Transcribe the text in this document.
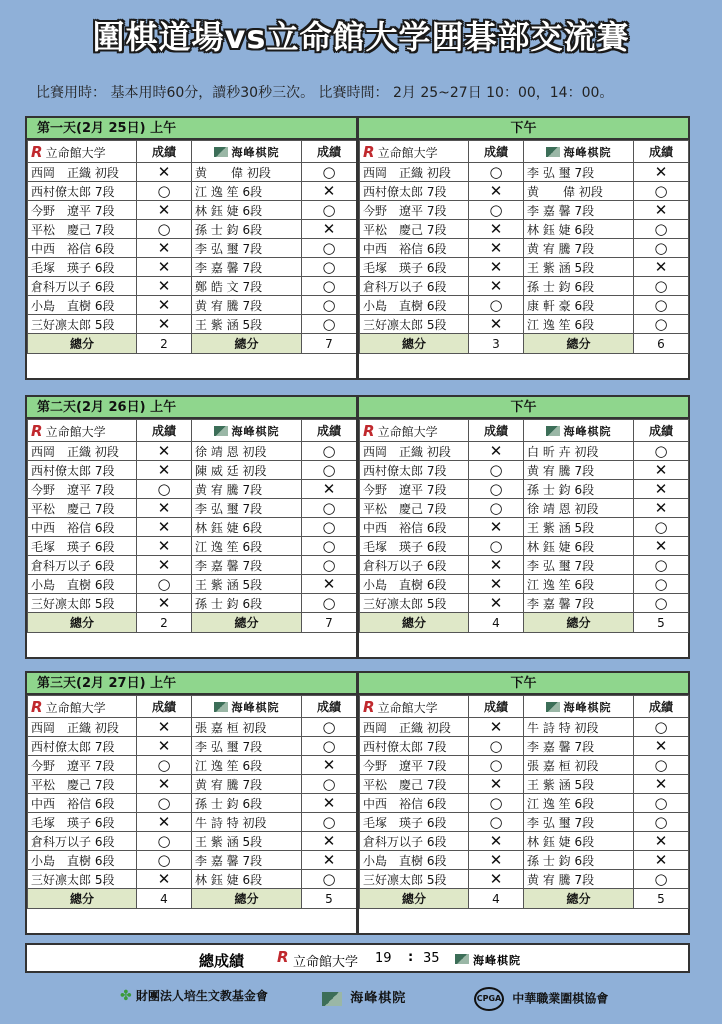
圍棋道場vs立命館大学囲碁部交流賽
比賽用時： 基本用時60分，讀秒30秒三次。 比賽時間： 2月 25~27日 10：00，14：00。
第一天(2月 25日) 上午
R 立命館大学	成績	海峰棋院	成績
西岡　正織 初段	✕	黄　　偉 初段	○
西村僚太郎 7段	○	江 逸 笙 6段	✕
今野　遼平 7段	✕	林 鈺 婕 6段	○
平松　慶己 7段	○	孫 士 鈞 6段	✕
中西　裕信 6段	✕	李 弘 璽 7段	○
毛塚　瑛子 6段	✕	李 嘉 馨 7段	○
倉科万以子 6段	✕	鄭 皓 文 7段	○
小島　直樹 6段	✕	黄 宥 騰 7段	○
三好凛太郎 5段	✕	王 紫 涵 5段	○
總分	2	總分	7
下午
R 立命館大学	成績	海峰棋院	成績
西岡　正織 初段	○	李 弘 璽 7段	✕
西村僚太郎 7段	✕	黄　　偉 初段	○
今野　遼平 7段	○	李 嘉 馨 7段	✕
平松　慶己 7段	✕	林 鈺 婕 6段	○
中西　裕信 6段	✕	黄 宥 騰 7段	○
毛塚　瑛子 6段	✕	王 紫 涵 5段	✕
倉科万以子 6段	✕	孫 士 鈞 6段	○
小島　直樹 6段	○	康 軒 豪 6段	○
三好凛太郎 5段	✕	江 逸 笙 6段	○
總分	3	總分	6
第二天(2月 26日) 上午
R 立命館大学	成績	海峰棋院	成績
西岡　正織 初段	✕	徐 靖 恩 初段	○
西村僚太郎 7段	✕	陳 威 廷 初段	○
今野　遼平 7段	○	黄 宥 騰 7段	✕
平松　慶己 7段	✕	李 弘 璽 7段	○
中西　裕信 6段	✕	林 鈺 婕 6段	○
毛塚　瑛子 6段	✕	江 逸 笙 6段	○
倉科万以子 6段	✕	李 嘉 馨 7段	○
小島　直樹 6段	○	王 紫 涵 5段	✕
三好凛太郎 5段	✕	孫 士 鈞 6段	○
總分	2	總分	7
下午
R 立命館大学	成績	海峰棋院	成績
西岡　正織 初段	✕	白 昕 卉 初段	○
西村僚太郎 7段	○	黄 宥 騰 7段	✕
今野　遼平 7段	○	孫 士 鈞 6段	✕
平松　慶己 7段	○	徐 靖 恩 初段	✕
中西　裕信 6段	✕	王 紫 涵 5段	○
毛塚　瑛子 6段	○	林 鈺 婕 6段	✕
倉科万以子 6段	✕	李 弘 璽 7段	○
小島　直樹 6段	✕	江 逸 笙 6段	○
三好凛太郎 5段	✕	李 嘉 馨 7段	○
總分	4	總分	5
第三天(2月 27日) 上午
R 立命館大学	成績	海峰棋院	成績
西岡　正織 初段	✕	張 嘉 桓 初段	○
西村僚太郎 7段	✕	李 弘 璽 7段	○
今野　遼平 7段	○	江 逸 笙 6段	✕
平松　慶己 7段	✕	黄 宥 騰 7段	○
中西　裕信 6段	○	孫 士 鈞 6段	✕
毛塚　瑛子 6段	✕	牛 詩 特 初段	○
倉科万以子 6段	○	王 紫 涵 5段	✕
小島　直樹 6段	○	李 嘉 馨 7段	✕
三好凛太郎 5段	✕	林 鈺 婕 6段	○
總分	4	總分	5
下午
R 立命館大学	成績	海峰棋院	成績
西岡　正織 初段	✕	牛 詩 特 初段	○
西村僚太郎 7段	○	李 嘉 馨 7段	✕
今野　遼平 7段	○	張 嘉 桓 初段	○
平松　慶己 7段	✕	王 紫 涵 5段	✕
中西　裕信 6段	○	江 逸 笙 6段	○
毛塚　瑛子 6段	○	李 弘 璽 7段	○
倉科万以子 6段	✕	林 鈺 婕 6段	✕
小島　直樹 6段	✕	孫 士 鈞 6段	✕
三好凛太郎 5段	✕	黄 宥 騰 7段	○
總分	4	總分	5
總成績 R 立命館大学 19 : 35	海峰棋院
✤ 財團法人培生文教基金會	海峰棋院	CPGA 中華職業圍棋協會
